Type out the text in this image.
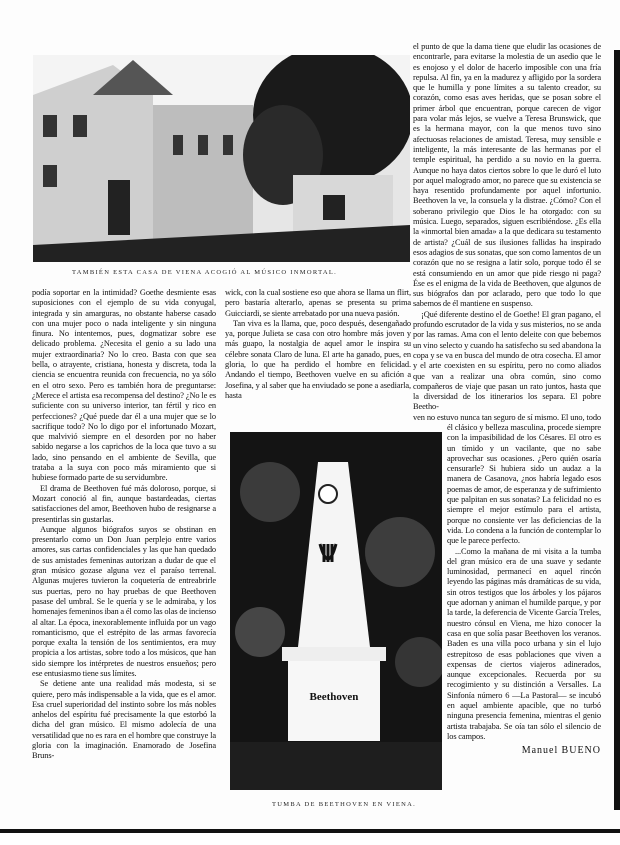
TAMBIÉN ESTA CASA DE VIENA ACOGIÓ AL MÚSICO INMORTAL.

podía soportar en la intimidad? Goethe desmiente esas suposiciones con el ejemplo de su vida conyugal, integrada y sin amarguras, no obstante haberse casado con una mujer poco o nada inteligente y sin ninguna finura. No intentemos, pues, dogmatizar sobre ese delicado problema. ¿Necesita el genio a su lado una mujer extraordinaria? No lo creo. Basta con que sea bella, o atrayente, cristiana, honesta y discreta, toda la ciencia se encuentra reunida con frecuencia, no ya sólo en el otro sexo. Pero es también hora de preguntarse: ¿Merece el artista esa recompensa del destino? ¿No le es suficiente con su universo interior, tan fértil y rico en perfecciones? ¿Qué puede dar él a una mujer que se lo sacrifique todo? No lo digo por el infortunado Mozart, que malvivió siempre en el desorden por no haber sabido negarse a los caprichos de la loca que tuvo a su lado, sino pensando en el ambiente de Sevilla, que trataba a la suya con poco más miramiento que si hubiese formado parte de su servidumbre.

El drama de Beethoven fué más doloroso, porque, si Mozart conoció al fin, aunque bastardeadas, ciertas satisfacciones del amor, Beethoven hubo de resignarse a presentirlas sin gustarlas.

Aunque algunos biógrafos suyos se obstinan en presentarlo como un Don Juan perplejo entre varios amores, sus cartas confidenciales y las que han quedado de sus amistades femeninas autorizan a dudar de que el gran músico gozase alguna vez el paraíso terrenal. Algunas mujeres tuvieron la coquetería de entreabrirle sus puertas, pero no hay pruebas de que Beethoven pasase del umbral. Se le quería y se le admiraba, y los homenajes femeninos iban a él como las olas de incienso al altar. La época, inexorablemente influida por un vago romanticismo, que el estrépito de las armas favorecía porque exalta la tensión de los sentimientos, era muy propicia a los artistas, sobre todo a los músicos, que han sido siempre los intérpretes de nuestros ensueños; pero ese entusiasmo tiene sus límites.

Se detiene ante una realidad más modesta, si se quiere, pero más indispensable a la vida, que es el amor. Esa cruel superioridad del instinto sobre los más nobles anhelos del espíritu fué precisamente la que estorbó la dicha del gran músico. El mismo adolecía de una versatilidad que no es rara en el hombre que construye la gloria con la imaginación. Enamorado de Josefina Bruns-

wick, con la cual sostiene eso que ahora se llama un flirt, pero bastaría alterarlo, apenas se presenta su prima Guicciardi, se siente arrebatado por una nueva pasión.

Tan viva es la llama, que, poco después, desengañado ya, porque Julieta se casa con otro hombre más joven y más guapo, la nostalgia de aquel amor le inspira su célebre sonata Claro de luna. El arte ha ganado, pues, en gloria, lo que ha perdido el hombre en felicidad. Andando el tiempo, Beethoven vuelve en su afición a Josefina, y al saber que ha enviudado se pone a asediarla, hasta

Beethoven
TUMBA DE BEETHOVEN EN VIENA.

el punto de que la dama tiene que eludir las ocasiones de encontrarle, para evitarse la molestia de un asedio que le es enojoso y el dolor de hacerlo imposible con una fría repulsa. Al fin, ya en la madurez y afligido por la sordera que le humilla y pone límites a su talento creador, su corazón, como esas aves heridas, que se posan sobre el primer árbol que encuentran, porque carecen de vigor para volar más lejos, se vuelve a Teresa Brunswick, que es la hermana mayor, con la que menos tuvo sino afectuosas relaciones de amistad. Teresa, muy sensible e inteligente, la más interesante de las hermanas por el temple espiritual, ha perdido a su novio en la guerra. Aunque no haya datos ciertos sobre lo que le duró el luto por aquel malogrado amor, no parece que su existencia se haya resentido profundamente por aquel infortunio. Beethoven la ve, la consuela y la distrae. ¿Cómo? Con el soberano privilegio que Dios le ha otorgado: con su música. Luego, separados, siguen escribiéndose. ¿Es ella la «inmortal bien amada» a la que dedicara su testamento de artista? ¿Cuál de sus ilusiones fallidas ha inspirado esos adagios de sus sonatas, que son como lamentos de un corazón que no se resigna a latir solo, porque todo él se está consumiendo en un amor que pide riesgo ni paga? Ése es el enigma de la vida de Beethoven, que algunos de sus biógrafos dan por aclarado, pero que todo lo que sabemos de él mantiene en suspenso.

¡Qué diferente destino el de Goethe! El gran pagano, el profundo escrutador de la vida y sus misterios, no se anda por las ramas. Ama con el lento deleite con que bebemos un vino selecto y cuando ha satisfecho su sed abandona la copa y se va en busca del mundo de otra cosecha. El amor y el arte coexisten en su espíritu, pero no como aliados que van a realizar una obra común, sino como compañeros de viaje que pasan un rato juntos, hasta que la diversidad de los itinerarios los separa. El pobre Beetho-

ven no estuvo nunca tan seguro de sí mismo. El uno, todo él clásico y belleza masculina, procede siempre con la impasibilidad de los Césares. El otro es un tímido y un vacilante, que no sabe aprovechar sus ocasiones. ¿Pero quién osaría censurarle? Si hubiera sido un audaz a la manera de Casanova, ¿nos habría legado esos poemas de amor, de esperanza y de sufrimiento que palpitan en sus sonatas? La felicidad no es siempre el mejor estímulo para el artista, porque no consiente ver las deficiencias de la vida. Lo condena a la función de contemplar lo que le parece perfecto.

...Como la mañana de mi visita a la tumba del gran músico era de una suave y sedante luminosidad, permanecí en aquel rincón leyendo las páginas más dramáticas de su vida, sin otros testigos que los árboles y los pájaros que adornan y animan el humilde parque, y por la tarde, la deferencia de Vicente García Treles, nuestro cónsul en Viena, me hizo conocer la casa en que solía pasar Beethoven los veranos. Baden es una villa poco urbana y sin el lujo estrepitoso de esas poblaciones que viven a expensas de ciertos viajeros adinerados, aunque excepcionales. Recuerda por su recogimiento y su distinción a Versalles. La Sinfonía número 6 —La Pastoral— se incubó en aquel ambiente apacible, que no turbó ninguna presencia femenina, mientras el genio artista trabajaba. Se oía tan sólo el silencio de los campos.

Manuel BUENO
